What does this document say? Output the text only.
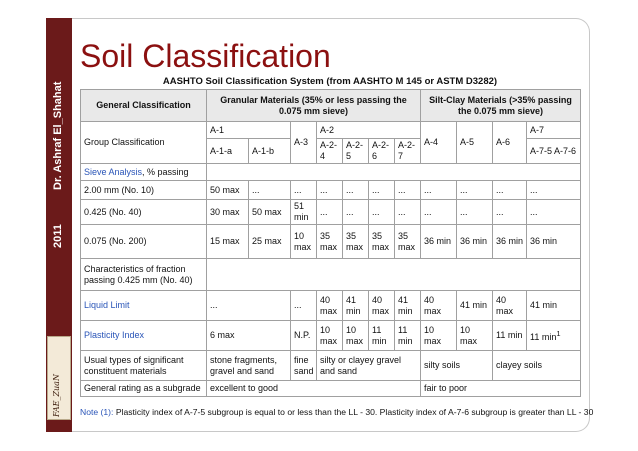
Dr. Ashraf El_Shahat
2011
FAE_ZuaN
Soil Classification
AASHTO Soil Classification System (from AASHTO M 145 or ASTM D3282)
General Classification	Granular Materials (35% or less passing the 0.075 mm sieve)							Silt-Clay Materials (>35% passing the 0.075 mm sieve)			
Group Classification	A-1		A-3	A-2				A-4	A-5	A-6	A-7
	A-1-a	A-1-b		A-2-4	A-2-5	A-2-6	A-2-7				A-7-5 A-7-6
Sieve Analysis, % passing											
2.00 mm (No. 10)	50 max	...	...	...	...	...	...	...	...	...	...
0.425 (No. 40)	30 max	50 max	51 min	...	...	...	...	...	...	...	...
0.075 (No. 200)	15 max	25 max	10 max	35 max	35 max	35 max	35 max	36 min	36 min	36 min	36 min
Characteristics of fraction passing 0.425 mm (No. 40)											
Liquid Limit	...		...	40 max	41 min	40 max	41 min	40 max	41 min	40 max	41 min
Plasticity Index	6 max		N.P.	10 max	10 max	11 min	11 min	10 max	10 max	11 min	11 $\min^1$
Usual types of significant constituent materials	stone fragments, gravel and sand		fine sand	silty or clayey gravel and sand				silty soils		clayey soils	
General rating as a subgrade	excellent to good							fair to poor			
Note (1): Plasticity index of A-7-5 subgroup is equal to or less than the LL - 30. Plasticity index of A-7-6 subgroup is greater than LL - 30
